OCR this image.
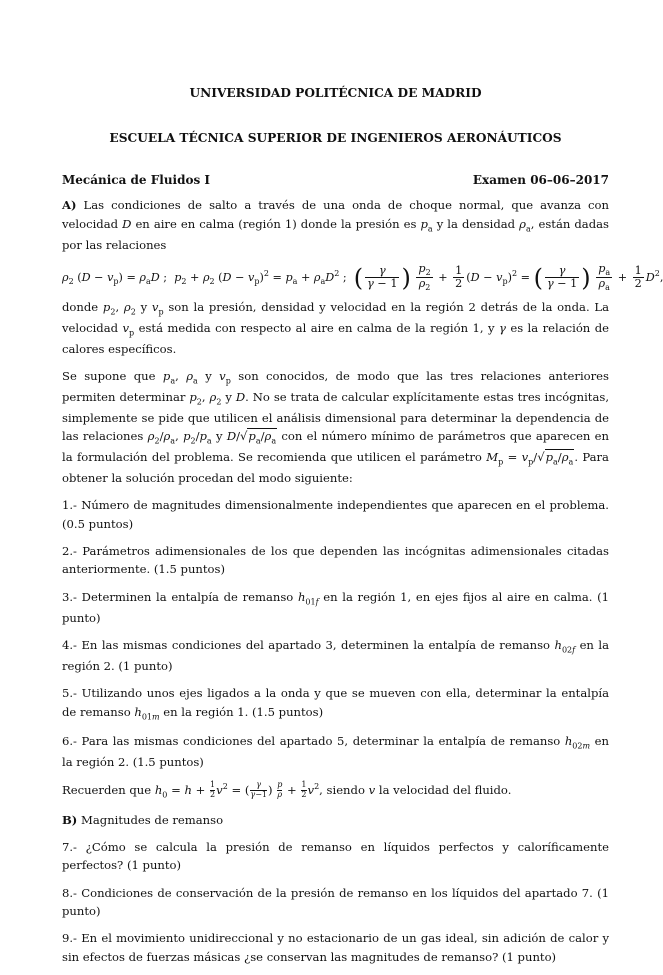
UNIVERSIDAD POLITÉCNICA DE MADRID
ESCUELA TÉCNICA SUPERIOR DE INGENIEROS AERONÁUTICOS
Mecánica de Fluidos I	Examen 06–06–2017

A) Las condiciones de salto a través de una onda de choque normal, que avanza con velocidad D en aire en calma (región 1) donde la presión es $p_a$ y la densidad $\rho_a$, están dadas por las relaciones

$\rho_2$ $(D - v_p) = \rho_aD$ ;  $p_2 + \rho_2$ $(D - v_p)^2 = p_a + \rho_aD^2$ ;  ( $\frac{\gamma}{\gamma - 1}$ ) $\frac{p_2}{\rho_2} + \frac{1}{2} (D - v_p)^2$ = ( $\frac{\gamma}{\gamma - 1}$ ) $\frac{p_a}{\rho_a} + \frac{1}{2} D^2$

donde $p_2$, $\rho_2$ y $v_p$ son la presión, densidad y velocidad en la región 2 detrás de la onda. La velocidad $v_p$ está medida con respecto al aire en calma de la región 1, y γ es la relación de calores específicos.

Se supone que $p_a$, $\rho_a$ y $v_p$ son conocidos, de modo que las tres relaciones anteriores permiten determinar $p_2$, $\rho_2$ y D. No se trata de calcular explícitamente estas tres incógnitas, simplemente se pide que utilicen el análisis dimensional para determinar la dependencia de las relaciones $\rho_2/\rho_a$, $p_2/p_a$ y $D/√p_a/\rho_a$ con el número mínimo de parámetros que aparecen en la formulación del problema. Se recomienda que utilicen el parámetro $M_p = v_p/√p_a/\rho_a$. Para obtener la solución procedan del modo siguiente:

1.- Número de magnitudes dimensionalmente independientes que aparecen en el problema. (0.5 puntos)

2.- Parámetros adimensionales de los que dependen las incógnitas adimensionales citadas anteriormente. (1.5 puntos)

3.- Determinen la entalpía de remanso $h_{01f}$ en la región 1, en ejes fijos al aire en calma. (1 punto)

4.- En las mismas condiciones del apartado 3, determinen la entalpía de remanso $h_{02f}$ en la región 2. (1 punto)

5.- Utilizando unos ejes ligados a la onda y que se mueven con ella, determinar la entalpía de remanso $h_{01m}$ en la región 1. (1.5 puntos)

6.- Para las mismas condiciones del apartado 5, determinar la entalpía de remanso $h_{02m}$ en la región 2. (1.5 puntos)

Recuerden que $h_0 = h + \frac{1}{2} v^2$ = ( $\frac{\gamma}{\gamma-1}$ ) $\frac{p}{\rho} + \frac{1}{2} v^2$, siendo v la velocidad del fluido.

B) Magnitudes de remanso

7.- ¿Cómo se calcula la presión de remanso en líquidos perfectos y caloríficamente perfectos? (1 punto)

8.- Condiciones de conservación de la presión de remanso en los líquidos del apartado 7. (1 punto)

9.- En el movimiento unidireccional y no estacionario de un gas ideal, sin adición de calor y sin efectos de fuerzas másicas ¿se conservan las magnitudes de remanso? (1 punto)
